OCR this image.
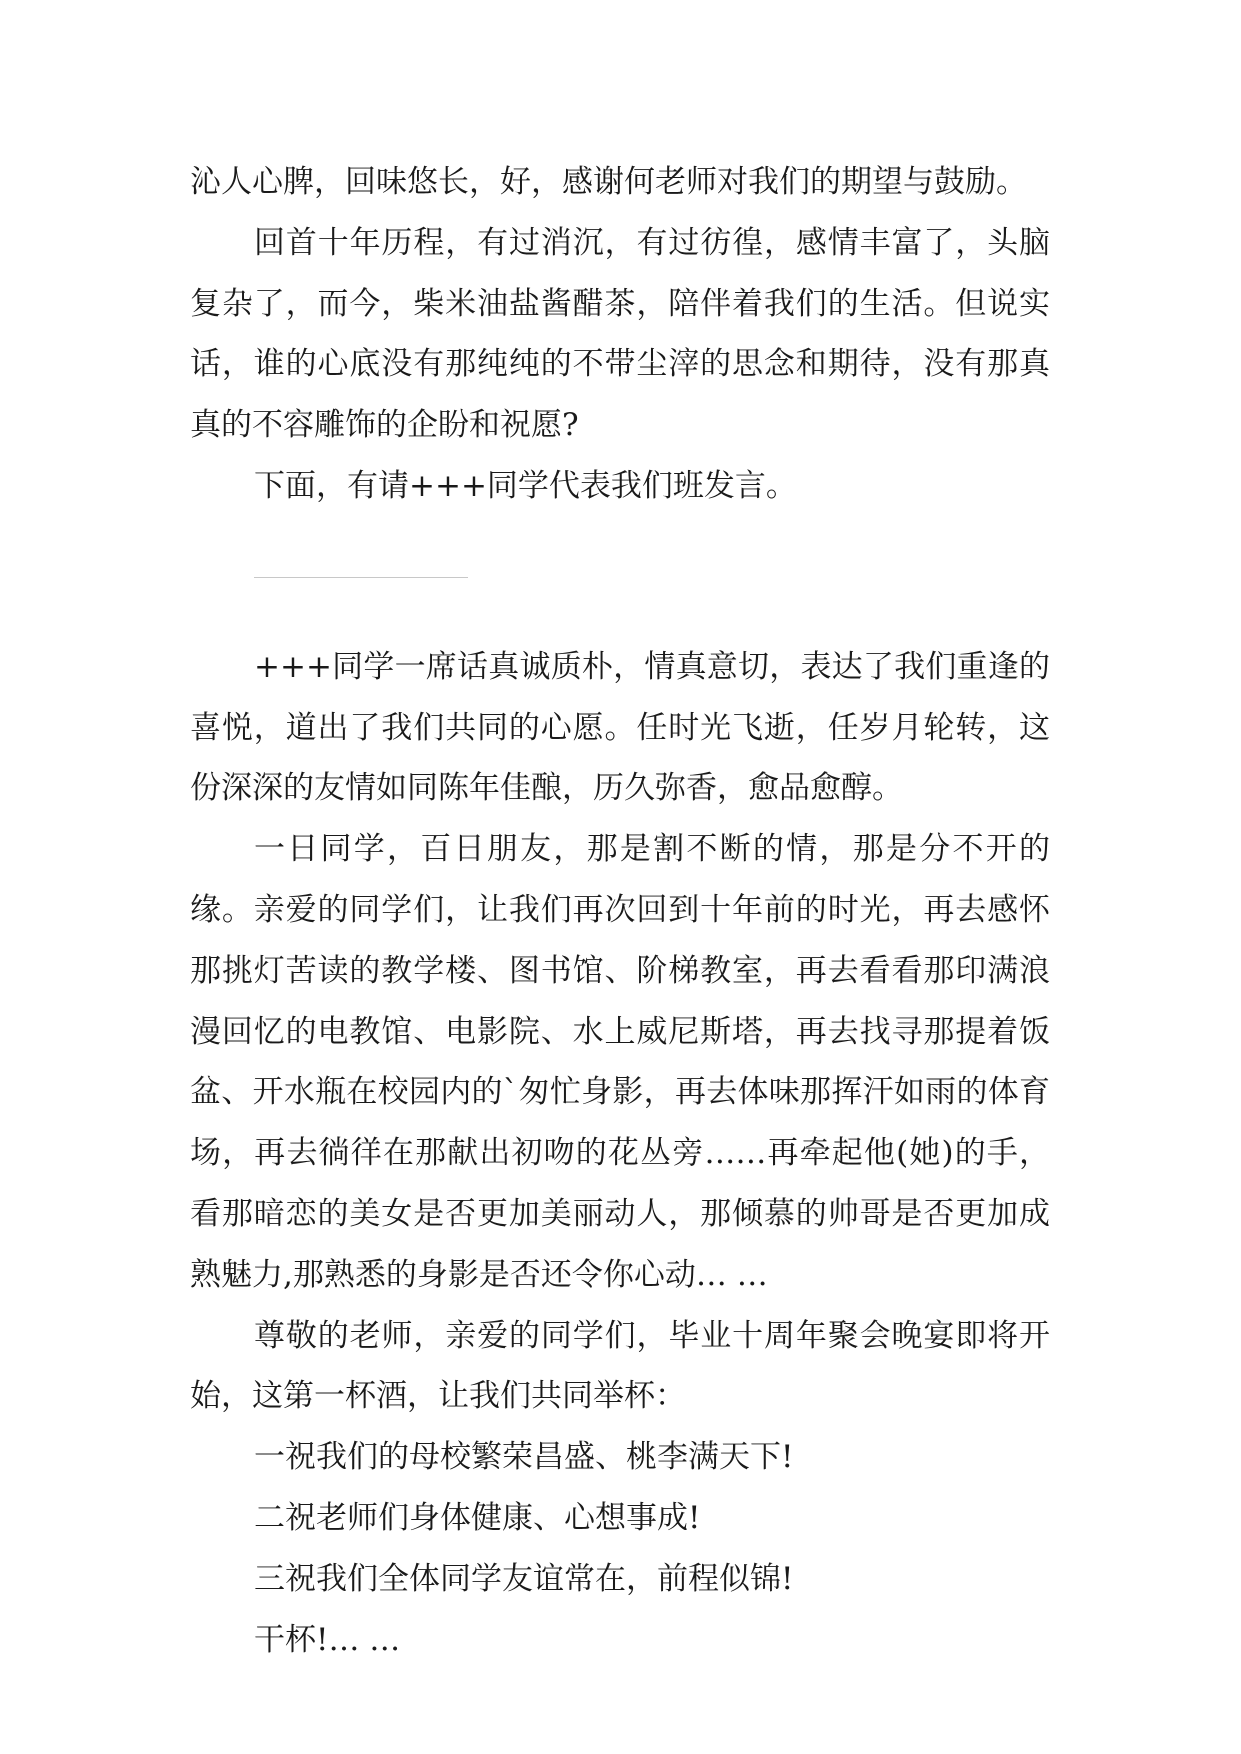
沁人心脾，回味悠长，好，感谢何老师对我们的期望与鼓励。

回首十年历程，有过消沉，有过彷徨，感情丰富了，头脑复杂了，而今，柴米油盐酱醋茶，陪伴着我们的生活。但说实话，谁的心底没有那纯纯的不带尘滓的思念和期待，没有那真真的不容雕饰的企盼和祝愿?

下面，有请+++同学代表我们班发言。

+++同学一席话真诚质朴，情真意切，表达了我们重逢的喜悦，道出了我们共同的心愿。任时光飞逝，任岁月轮转，这份深深的友情如同陈年佳酿，历久弥香，愈品愈醇。

一日同学，百日朋友，那是割不断的情，那是分不开的缘。亲爱的同学们，让我们再次回到十年前的时光，再去感怀那挑灯苦读的教学楼、图书馆、阶梯教室，再去看看那印满浪漫回忆的电教馆、电影院、水上威尼斯塔，再去找寻那提着饭盆、开水瓶在校园内的`匆忙身影，再去体味那挥汗如雨的体育场，再去徜徉在那献出初吻的花丛旁……再牵起他(她)的手，看那暗恋的美女是否更加美丽动人，那倾慕的帅哥是否更加成熟魅力,那熟悉的身影是否还令你心动… …

尊敬的老师，亲爱的同学们，毕业十周年聚会晚宴即将开始，这第一杯酒，让我们共同举杯：

一祝我们的母校繁荣昌盛、桃李满天下!

二祝老师们身体健康、心想事成!

三祝我们全体同学友谊常在，前程似锦!

干杯!… …
